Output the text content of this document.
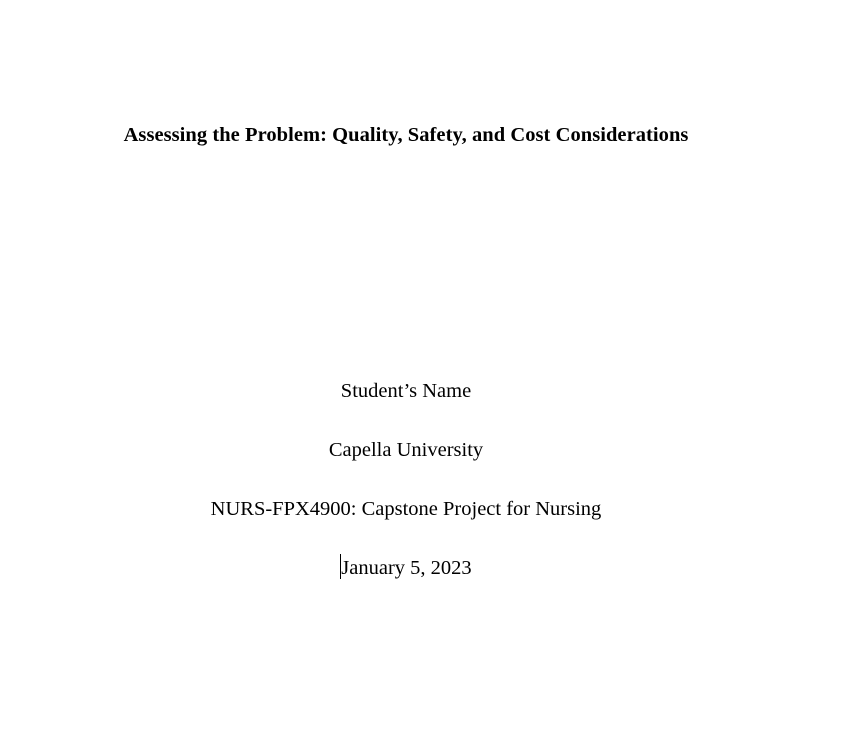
Assessing the Problem: Quality, Safety, and Cost Considerations
Student’s Name
Capella University
NURS-FPX4900: Capstone Project for Nursing
January 5, 2023
